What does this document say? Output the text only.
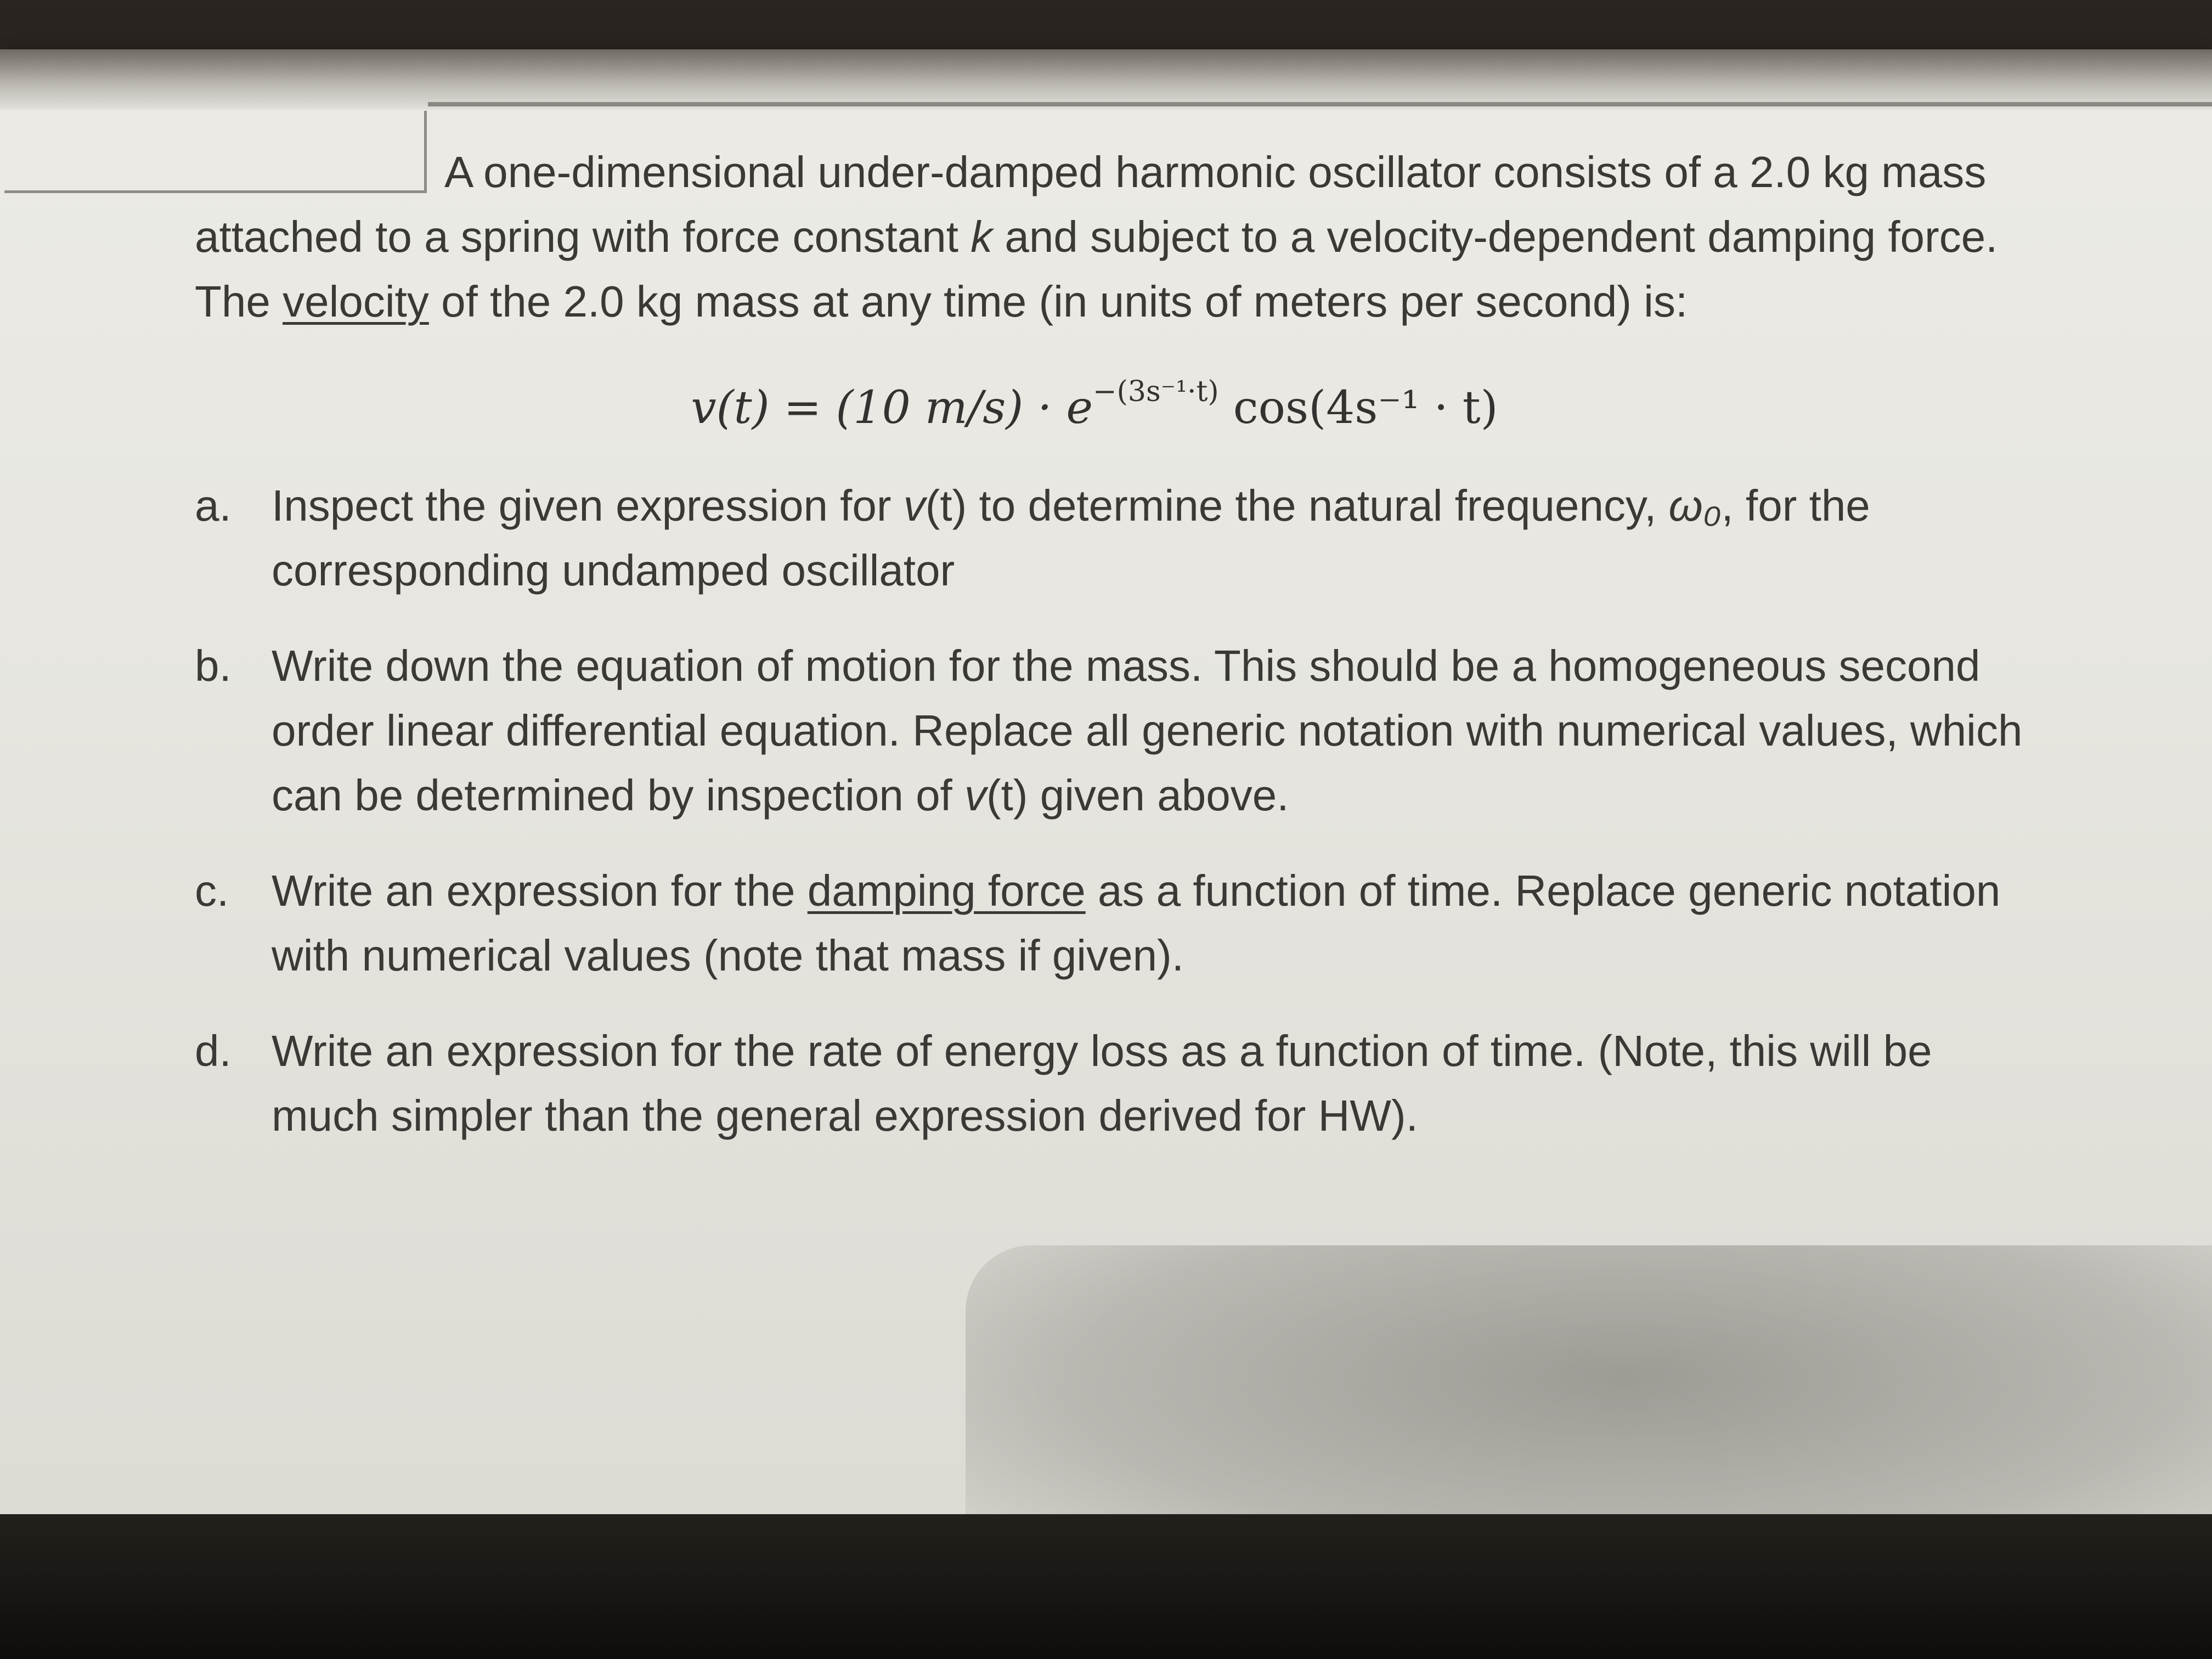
A one-dimensional under-damped harmonic oscillator consists of a 2.0 kg mass attached to a spring with force constant k and subject to a velocity-dependent damping force. The velocity of the 2.0 kg mass at any time (in units of meters per second) is:

v(t) = (10 $m/s) \cdot e^{-(3s^{-1}\cdot t)}$ cos(4s⁻¹ · t)
a. Inspect the given expression for v(t) to determine the natural frequency, ω₀, for the corresponding undamped oscillator
b. Write down the equation of motion for the mass. This should be a homogeneous second order linear differential equation. Replace all generic notation with numerical values, which can be determined by inspection of v(t) given above.
c. Write an expression for the damping force as a function of time. Replace generic notation with numerical values (note that mass if given).
d. Write an expression for the rate of energy loss as a function of time. (Note, this will be much simpler than the general expression derived for HW).
